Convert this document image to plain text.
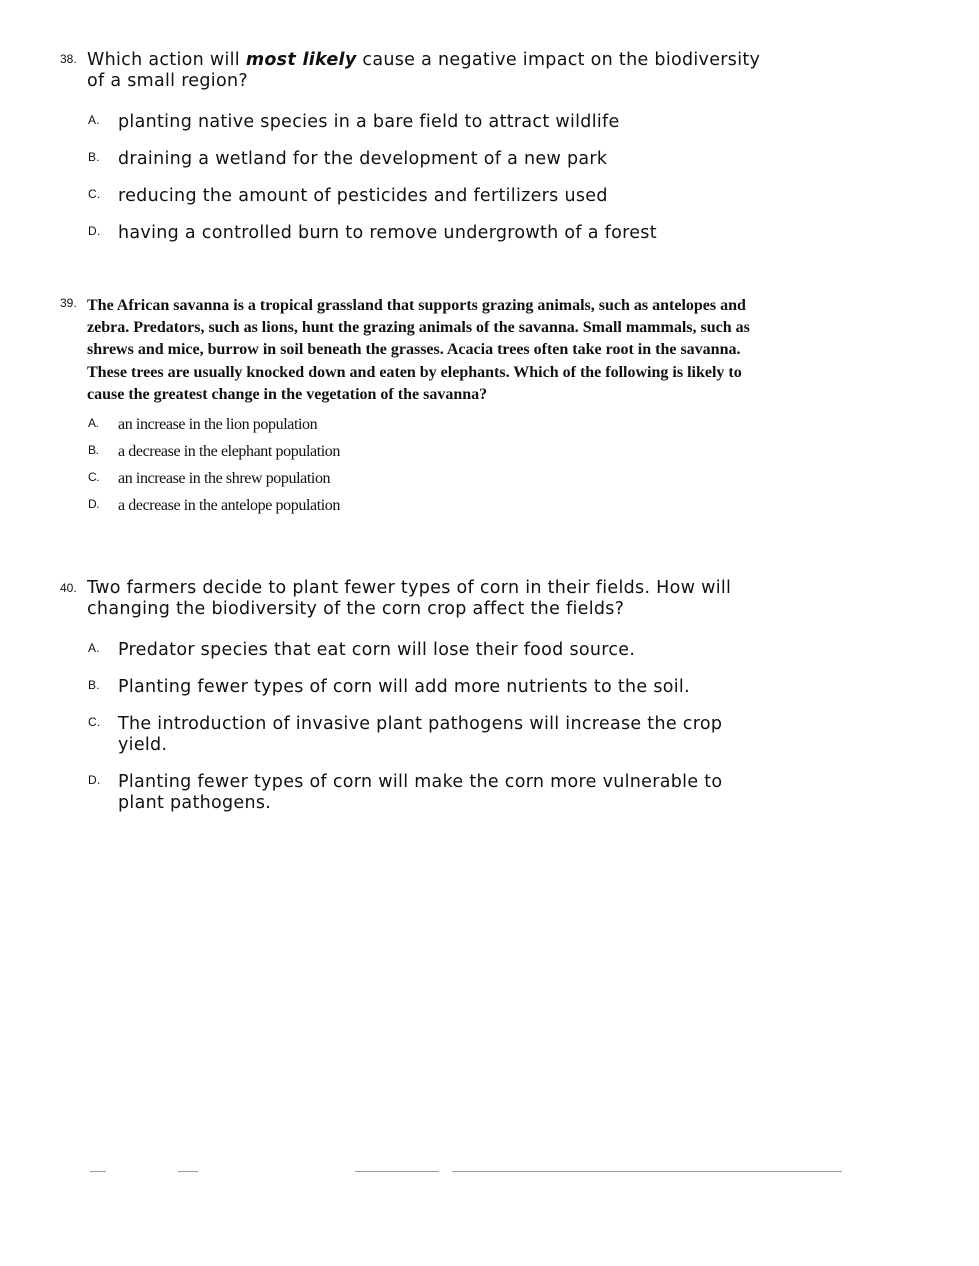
38. Which action will most likely cause a negative impact on the biodiversity of a small region?
A. planting native species in a bare field to attract wildlife
B. draining a wetland for the development of a new park
C. reducing the amount of pesticides and fertilizers used
D. having a controlled burn to remove undergrowth of a forest
39. The African savanna is a tropical grassland that supports grazing animals, such as antelopes and zebra. Predators, such as lions, hunt the grazing animals of the savanna. Small mammals, such as shrews and mice, burrow in soil beneath the grasses. Acacia trees often take root in the savanna. These trees are usually knocked down and eaten by elephants. Which of the following is likely to cause the greatest change in the vegetation of the savanna?
A. an increase in the lion population
B. a decrease in the elephant population
C. an increase in the shrew population
D. a decrease in the antelope population
40. Two farmers decide to plant fewer types of corn in their fields. How will changing the biodiversity of the corn crop affect the fields?
A. Predator species that eat corn will lose their food source.
B. Planting fewer types of corn will add more nutrients to the soil.
C. The introduction of invasive plant pathogens will increase the crop yield.
D. Planting fewer types of corn will make the corn more vulnerable to plant pathogens.
